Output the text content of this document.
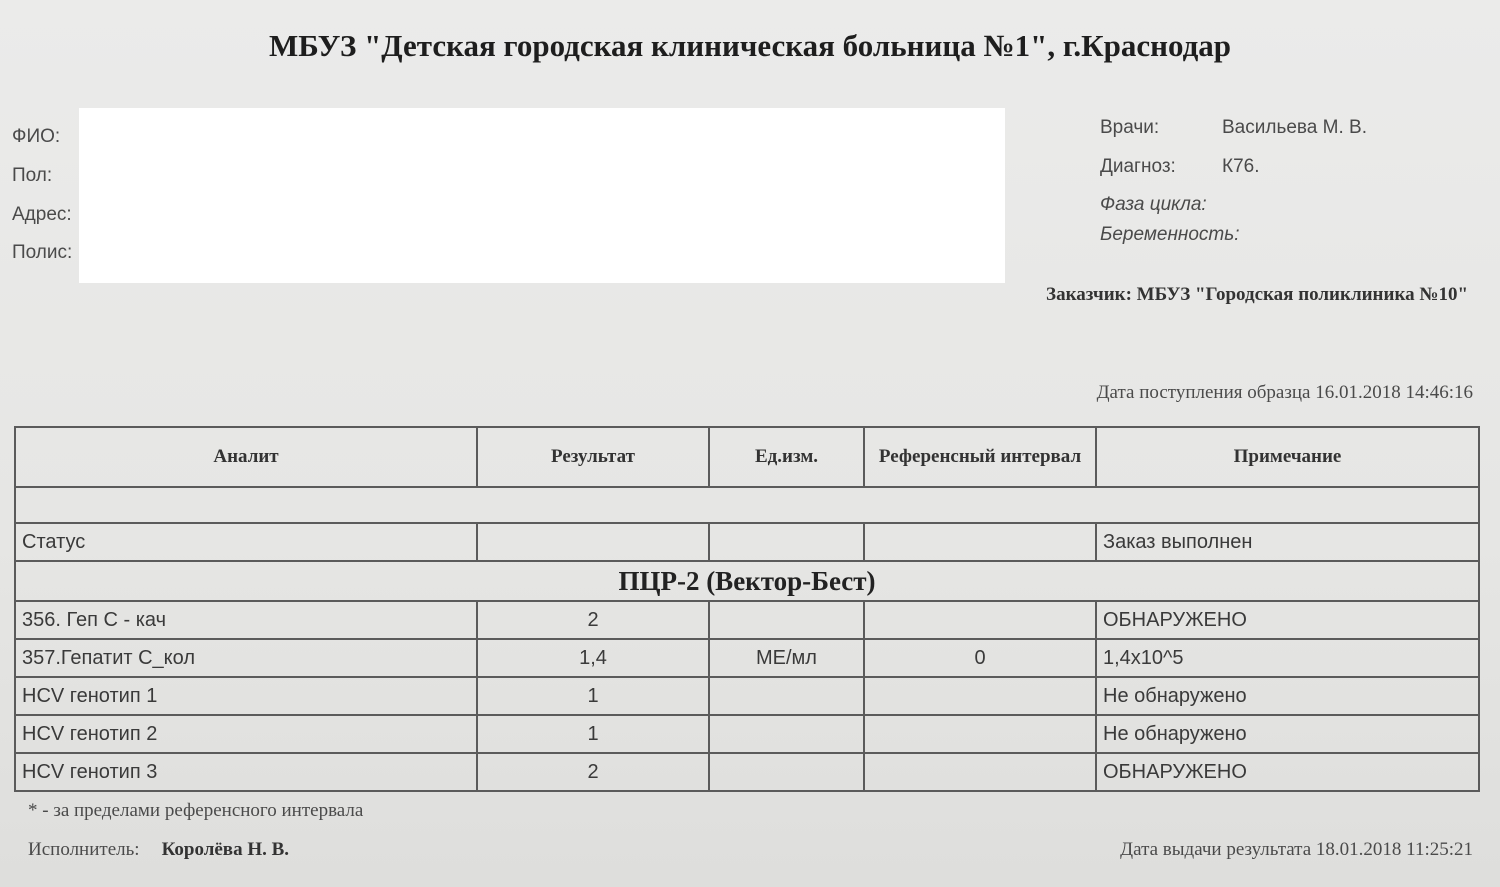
МБУЗ "Детская городская клиническая больница №1", г.Краснодар
ФИО:
Пол:
Адрес:
Полис:
Врачи:	Васильева М. В.
Диагноз: К76.
Фаза цикла:
Беременность:
Заказчик: МБУЗ "Городская поликлиника №10"
Дата поступления образца 16.01.2018 14:46:16
Аналит	Результат	Ед.изм.	Референсный интервал	Примечание

Статус				Заказ выполнен
ПЦР-2 (Вектор-Бест)				
356. Геп С - кач	2			ОБНАРУЖЕНО
357.Гепатит С_кол	1,4	МЕ/мл	0	1,4x10^5
HCV генотип 1	1			Не обнаружено
HCV генотип 2	1			Не обнаружено
HCV генотип 3	2			ОБНАРУЖЕНО
* - за пределами референсного интервала
Исполнитель: Королёва Н. В.	Дата выдачи результата 18.01.2018 11:25:21
